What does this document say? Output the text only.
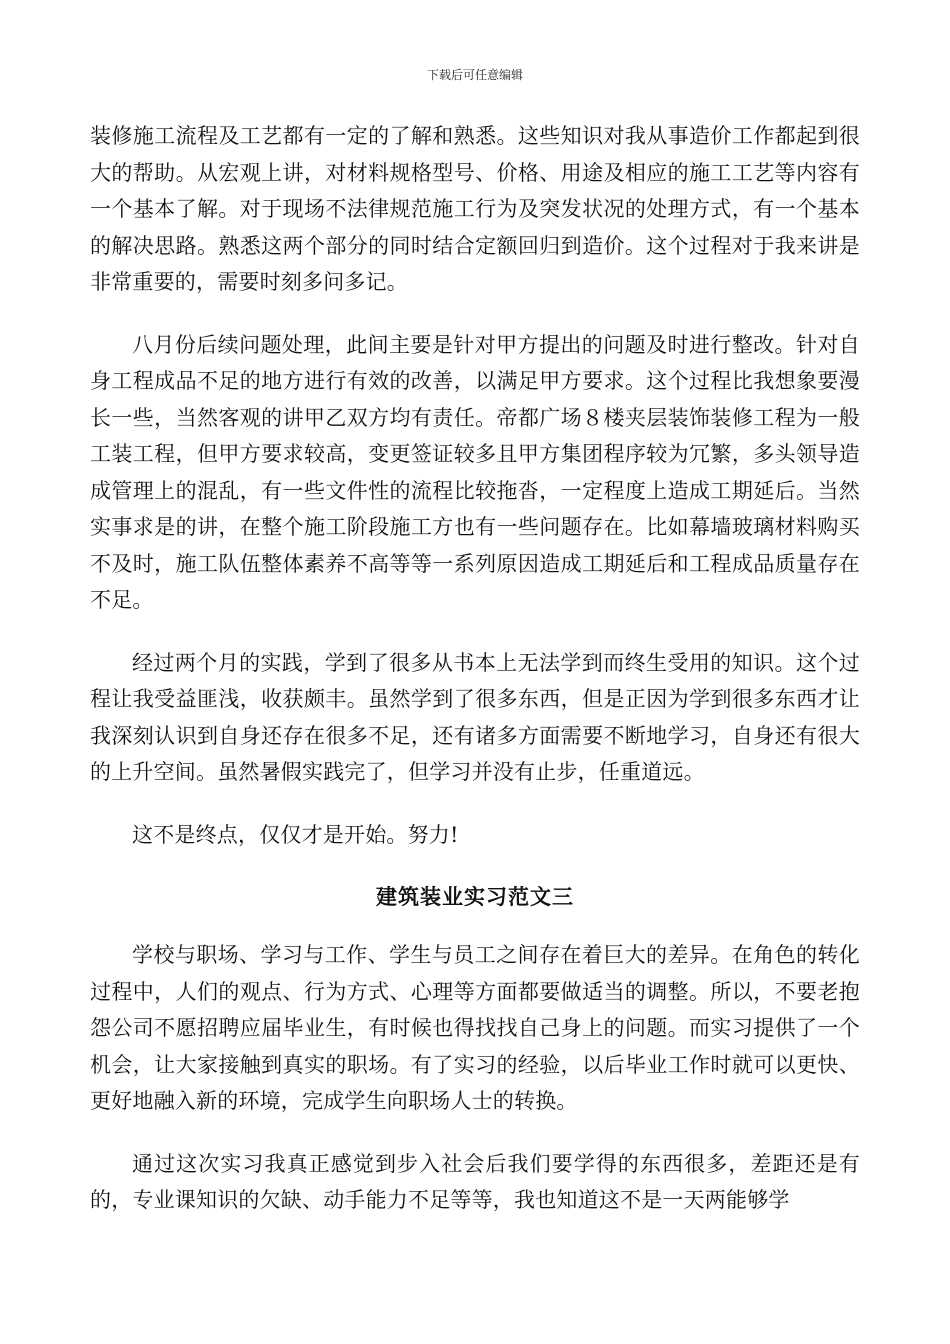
下载后可任意编辑

装修施工流程及工艺都有一定的了解和熟悉。这些知识对我从事造价工作都起到很大的帮助。从宏观上讲，对材料规格型号、价格、用途及相应的施工工艺等内容有一个基本了解。对于现场不法律规范施工行为及突发状况的处理方式，有一个基本的解决思路。熟悉这两个部分的同时结合定额回归到造价。这个过程对于我来讲是非常重要的，需要时刻多问多记。

八月份后续问题处理，此间主要是针对甲方提出的问题及时进行整改。针对自身工程成品不足的地方进行有效的改善，以满足甲方要求。这个过程比我想象要漫长一些，当然客观的讲甲乙双方均有责任。帝都广场８楼夹层装饰装修工程为一般工装工程，但甲方要求较高，变更签证较多且甲方集团程序较为冗繁，多头领导造成管理上的混乱，有一些文件性的流程比较拖沓，一定程度上造成工期延后。当然实事求是的讲，在整个施工阶段施工方也有一些问题存在。比如幕墙玻璃材料购买不及时，施工队伍整体素养不高等等一系列原因造成工期延后和工程成品质量存在不足。

经过两个月的实践，学到了很多从书本上无法学到而终生受用的知识。这个过程让我受益匪浅，收获颇丰。虽然学到了很多东西，但是正因为学到很多东西才让我深刻认识到自身还存在很多不足，还有诸多方面需要不断地学习，自身还有很大的上升空间。虽然暑假实践完了，但学习并没有止步，任重道远。

这不是终点，仅仅才是开始。努力!

建筑装业实习范文三

学校与职场、学习与工作、学生与员工之间存在着巨大的差异。在角色的转化过程中，人们的观点、行为方式、心理等方面都要做适当的调整。所以，不要老抱怨公司不愿招聘应届毕业生，有时候也得找找自己身上的问题。而实习提供了一个机会，让大家接触到真实的职场。有了实习的经验，以后毕业工作时就可以更快、更好地融入新的环境，完成学生向职场人士的转换。

通过这次实习我真正感觉到步入社会后我们要学得的东西很多，差距还是有的，专业课知识的欠缺、动手能力不足等等，我也知道这不是一天两能够学
